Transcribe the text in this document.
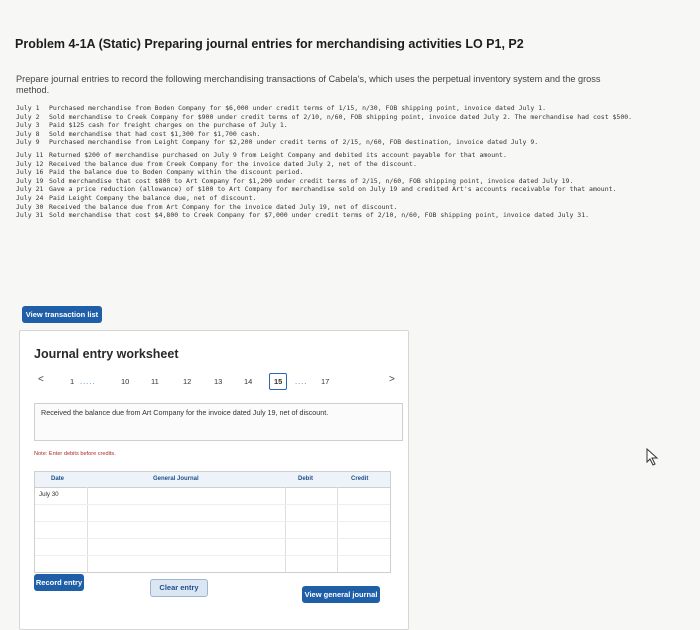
Problem 4-1A (Static) Preparing journal entries for merchandising activities LO P1, P2
Prepare journal entries to record the following merchandising transactions of Cabela's, which uses the perpetual inventory system and the gross method.
July 1	Purchased merchandise from Boden Company for $6,000 under credit terms of 1/15, n/30, FOB shipping point, invoice dated July 1.
July 2	Sold merchandise to Creek Company for $900 under credit terms of 2/10, n/60, FOB shipping point, invoice dated July 2. The merchandise had cost $500.
July 3	Paid $125 cash for freight charges on the purchase of July 1.
July 8	Sold merchandise that had cost $1,300 for $1,700 cash.
July 9	Purchased merchandise from Leight Company for $2,200 under credit terms of 2/15, n/60, FOB destination, invoice dated July 9.
July 11 Returned $200 of merchandise purchased on July 9 from Leight Company and debited its account payable for that amount.
July 12 Received the balance due from Creek Company for the invoice dated July 2, net of the discount.
July 16 Paid the balance due to Boden Company within the discount period.
July 19 Sold merchandise that cost $800 to Art Company for $1,200 under credit terms of 2/15, n/60, FOB shipping point, invoice dated July 19.
July 21 Gave a price reduction (allowance) of $100 to Art Company for merchandise sold on July 19 and credited Art's accounts receivable for that amount.
July 24 Paid Leight Company the balance due, net of discount.
July 30 Received the balance due from Art Company for the invoice dated July 19, net of discount.
July 31 Sold merchandise that cost $4,800 to Creek Company for $7,000 under credit terms of 2/10, n/60, FOB shipping point, invoice dated July 31.
View transaction list
Journal entry worksheet
<	1 .....	10	11	12	13	14	15	.... 17	>
Received the balance due from Art Company for the invoice dated July 19, net of discount.
Note: Enter debits before credits.
Date	General Journal	Debit	Credit
July 30
Record entry
Clear entry
View general journal
